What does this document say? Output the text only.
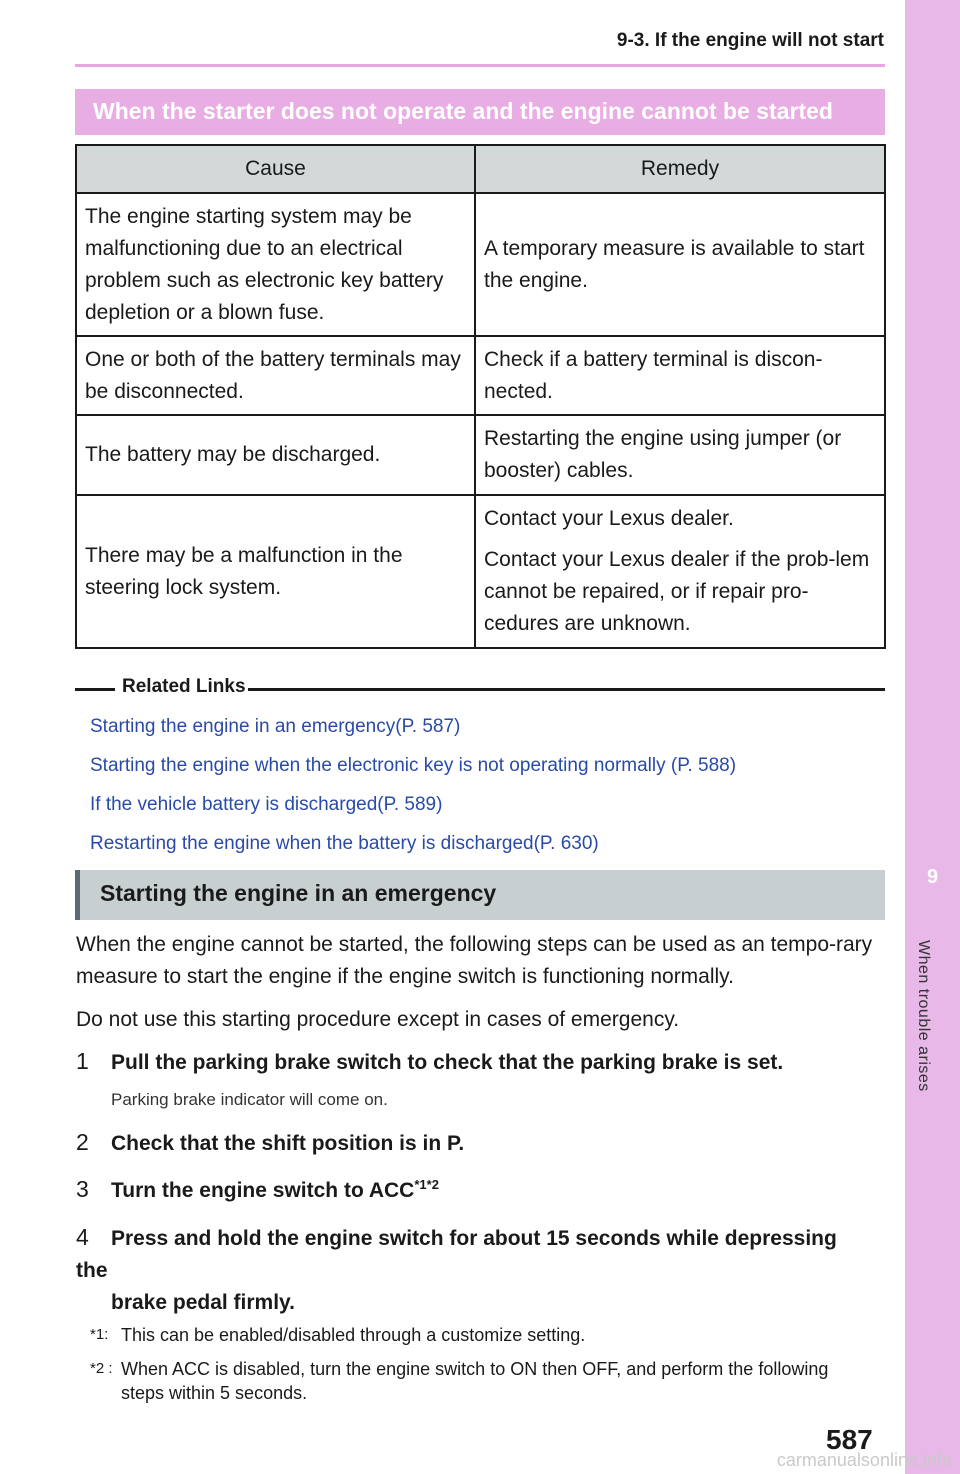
9
When trouble arises
9-3. If the engine will not start
When the starter does not operate and the engine cannot be started
Cause	Remedy
The engine starting system may be malfunctioning due to an electrical problem such as electronic key battery depletion or a blown fuse.	A temporary measure is available to start the engine.

One or both of the battery terminals may be disconnected.	Check if a battery terminal is discon-nected.

The battery may be discharged.	Restarting the engine using jumper (or booster) cables.

There may be a malfunction in the steering lock system.	Contact your Lexus dealer.

Contact your Lexus dealer if the prob-lem cannot be repaired, or if repair pro-cedures are unknown.

Related Links
Starting the engine in an emergency(P. 587)
Starting the engine when the electronic key is not operating normally (P. 588)
If the vehicle battery is discharged(P. 589)
Restarting the engine when the battery is discharged(P. 630)
Starting the engine in an emergency
When the engine cannot be started, the following steps can be used as an tempo-rary measure to start the engine if the engine switch is functioning normally.
Do not use this starting procedure except in cases of emergency.
1 Pull the parking brake switch to check that the parking brake is set.
Parking brake indicator will come on.
2 Check that the shift position is in P.
3 Turn the engine switch to $ACC^{*1*2}$
4 Press and hold the engine switch for about 15 seconds while depressing the
brake pedal firmly.
*1: This can be enabled/disabled through a customize setting.
*2 : When ACC is disabled, turn the engine switch to ON then OFF, and perform the following steps within 5 seconds.
587
carmanualsonline.info
